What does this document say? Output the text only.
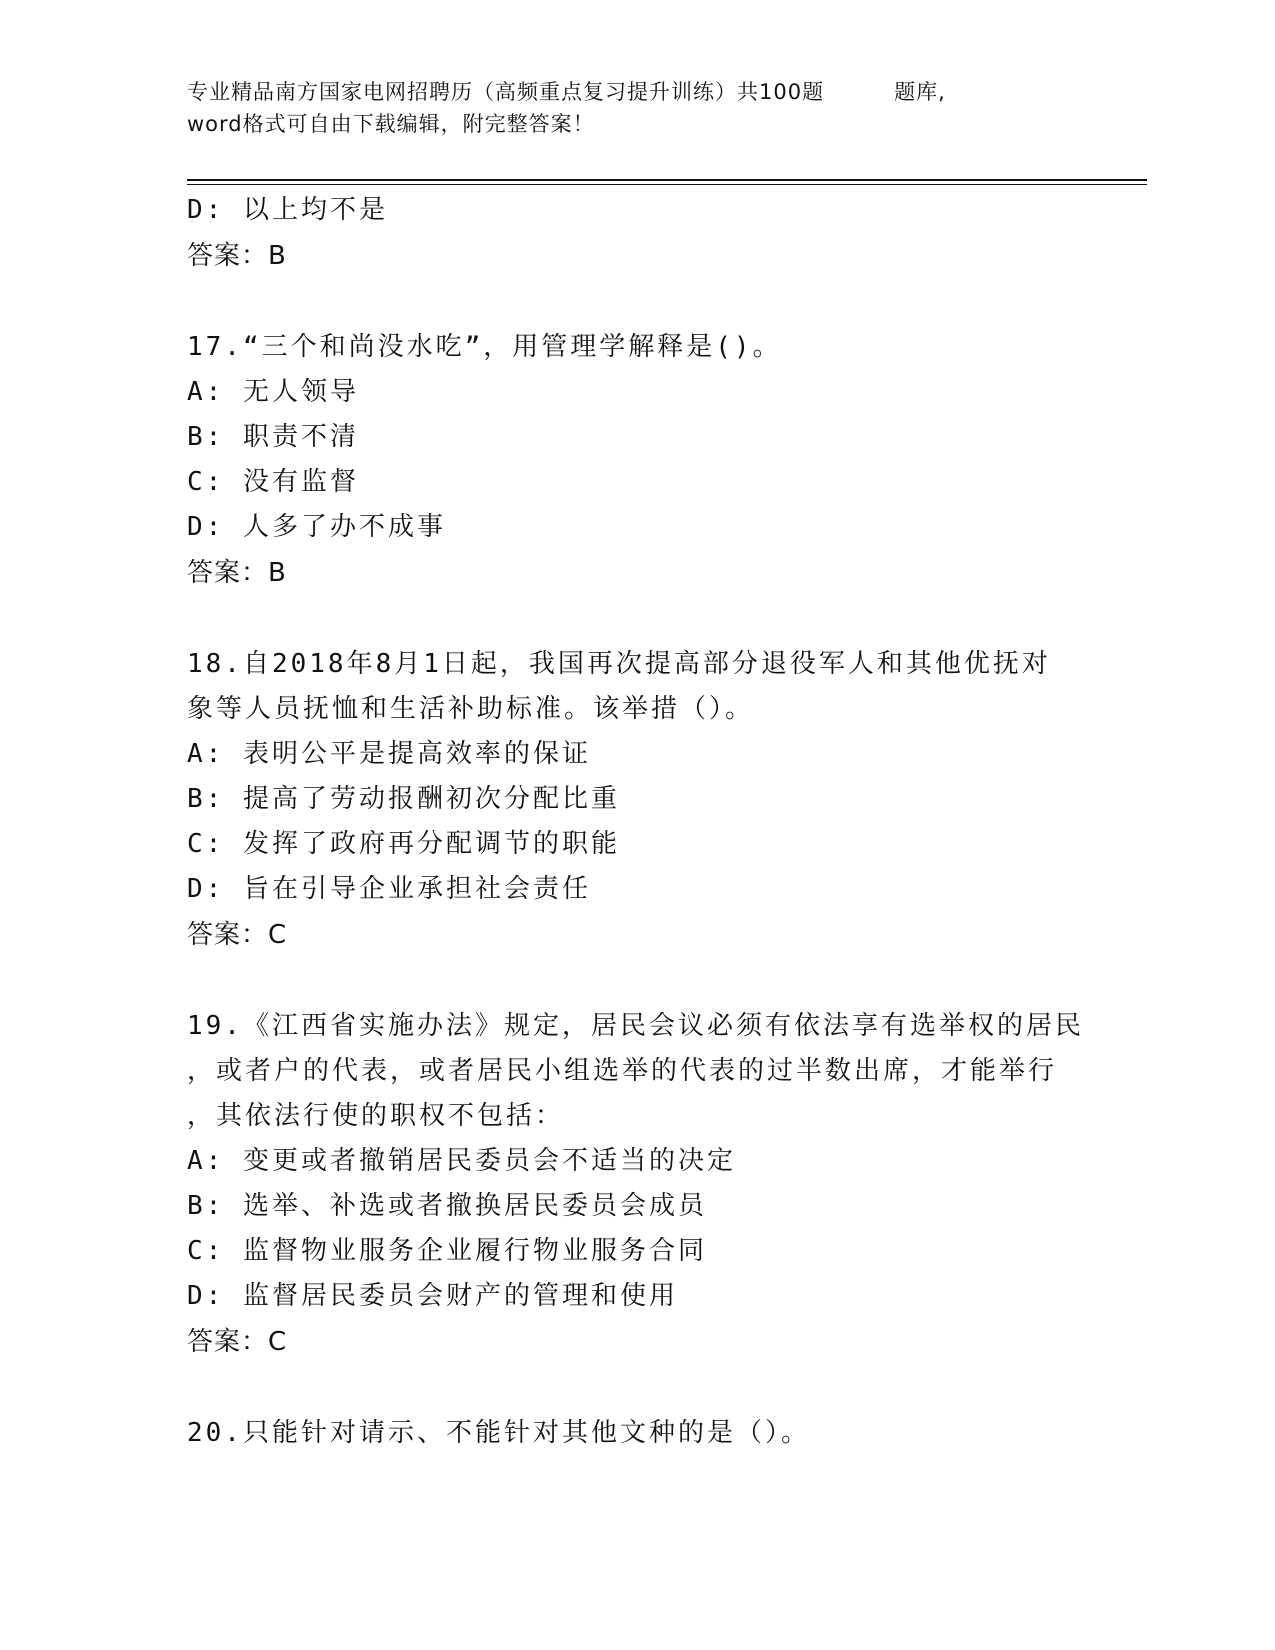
专业精品南方国家电网招聘历（高频重点复习提升训练）共100题	题库,
word格式可自由下载编辑，附完整答案！
D: 以上均不是
答案：B
17.“三个和尚没水吃”，用管理学解释是()。
A: 无人领导
B: 职责不清
C: 没有监督
D: 人多了办不成事
答案：B
18.自2018年8月1日起，我国再次提高部分退役军人和其他优抚对
象等人员抚恤和生活补助标准。该举措（）。
A: 表明公平是提高效率的保证
B: 提高了劳动报酬初次分配比重
C: 发挥了政府再分配调节的职能
D: 旨在引导企业承担社会责任
答案：C
19.《江西省实施办法》规定，居民会议必须有依法享有选举权的居民
，或者户的代表，或者居民小组选举的代表的过半数出席，才能举行
，其依法行使的职权不包括：
A: 变更或者撤销居民委员会不适当的决定
B: 选举、补选或者撤换居民委员会成员
C: 监督物业服务企业履行物业服务合同
D: 监督居民委员会财产的管理和使用
答案：C
20.只能针对请示、不能针对其他文种的是（）。
